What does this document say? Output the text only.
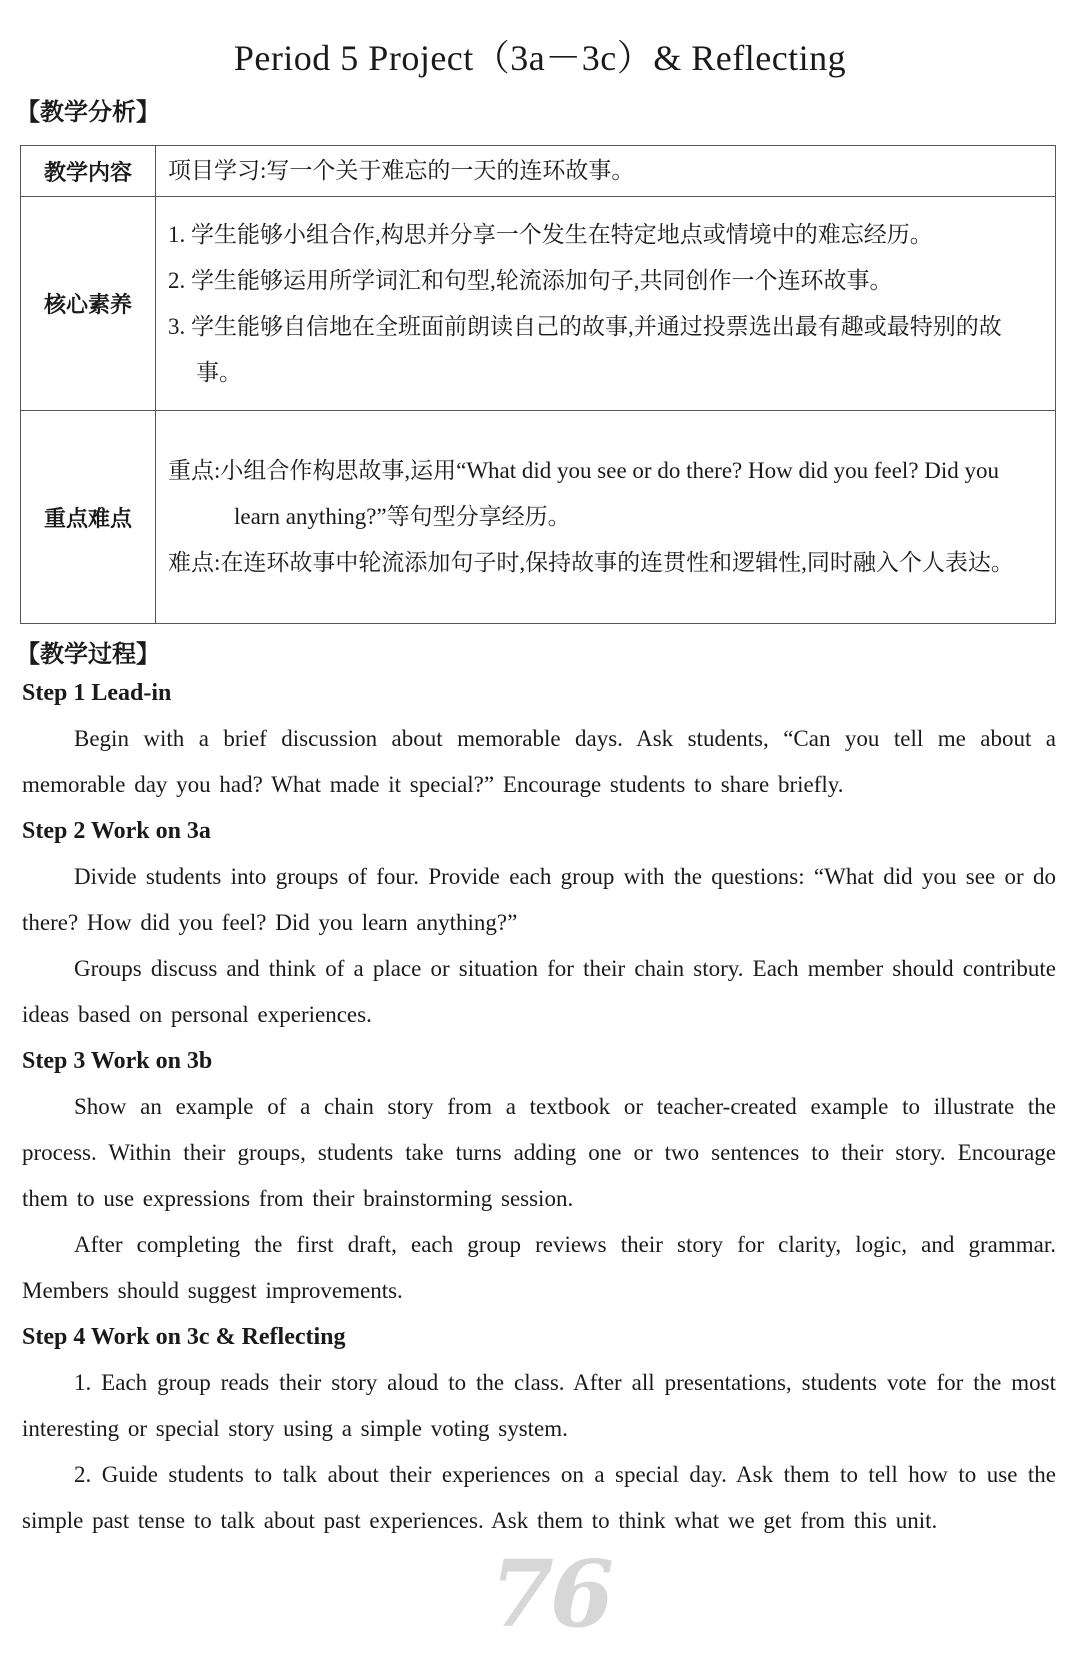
Period 5 Project（3a－3c）& Reflecting
【教学分析】
教学内容	项目学习:写一个关于难忘的一天的连环故事。
核心素养	1. 学生能够小组合作,构思并分享一个发生在特定地点或情境中的难忘经历。
2. 学生能够运用所学词汇和句型,轮流添加句子,共同创作一个连环故事。
3. 学生能够自信地在全班面前朗读自己的故事,并通过投票选出最有趣或最特别的故事。

重点难点	重点:小组合作构思故事,运用“What did you see or do there? How did you feel? Did you learn anything?”等句型分享经历。
难点:在连环故事中轮流添加句子时,保持故事的连贯性和逻辑性,同时融入个人表达。
【教学过程】
Step 1 Lead-in
Begin with a brief discussion about memorable days. Ask students, “Can you tell me about a memorable day you had? What made it special?” Encourage students to share briefly.
Step 2 Work on 3a
Divide students into groups of four. Provide each group with the questions: “What did you see or do there? How did you feel? Did you learn anything?”
Groups discuss and think of a place or situation for their chain story. Each member should contribute ideas based on personal experiences.
Step 3 Work on 3b
Show an example of a chain story from a textbook or teacher-created example to illustrate the process. Within their groups, students take turns adding one or two sentences to their story. Encourage them to use expressions from their brainstorming session.
After completing the first draft, each group reviews their story for clarity, logic, and grammar. Members should suggest improvements.
Step 4 Work on 3c & Reflecting
1. Each group reads their story aloud to the class. After all presentations, students vote for the most interesting or special story using a simple voting system.
2. Guide students to talk about their experiences on a special day. Ask them to tell how to use the simple past tense to talk about past experiences. Ask them to think what we get from this unit.
76
